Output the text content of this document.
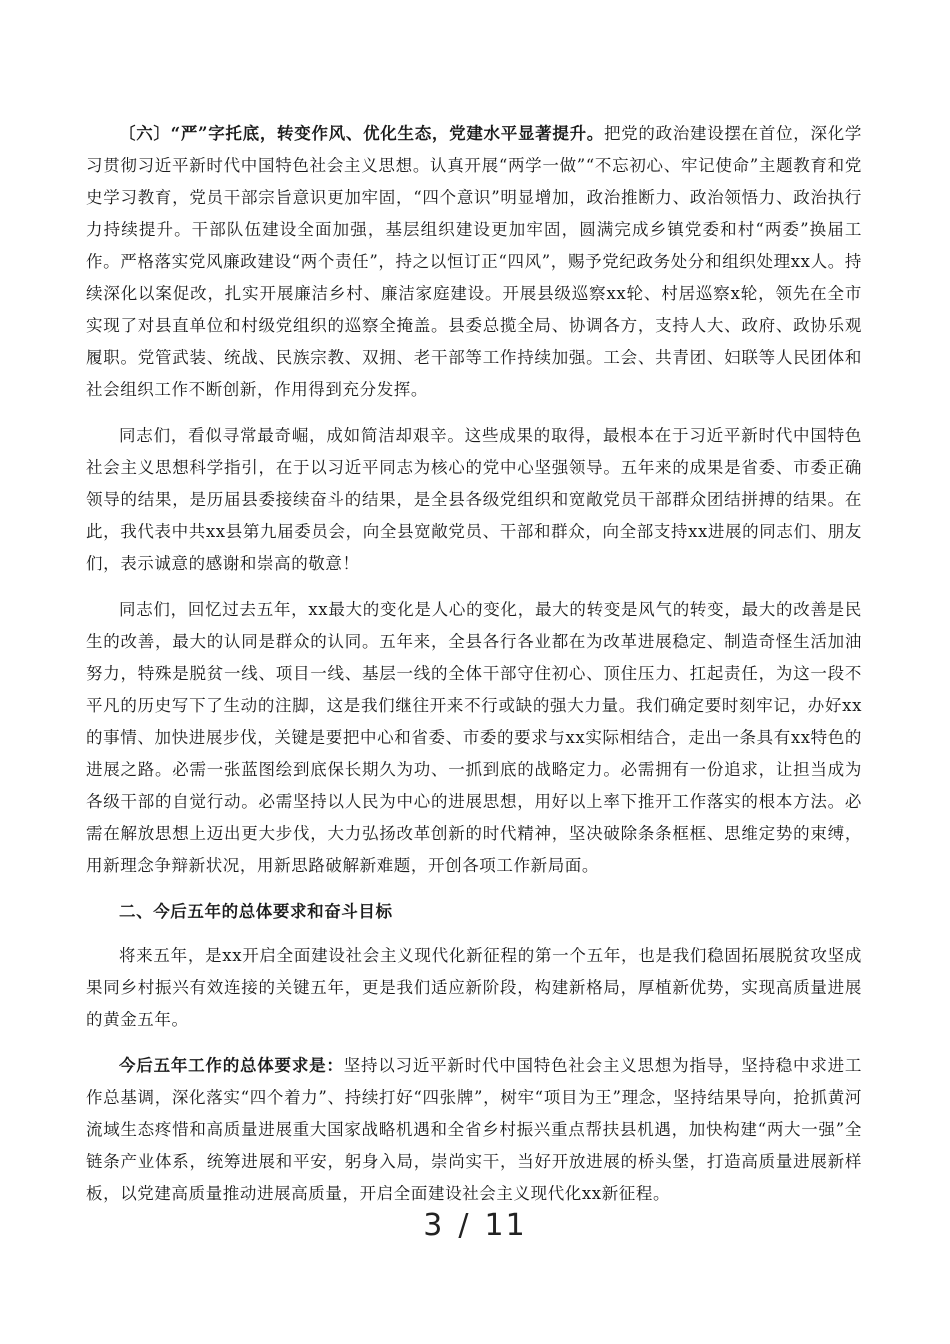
〔六〕“严”字托底，转变作风、优化生态，党建水平显著提升。把党的政治建设摆在首位，深化学习贯彻习近平新时代中国特色社会主义思想。认真开展“两学一做”“不忘初心、牢记使命”主题教育和党史学习教育，党员干部宗旨意识更加牢固，“四个意识”明显增加，政治推断力、政治领悟力、政治执行力持续提升。干部队伍建设全面加强，基层组织建设更加牢固，圆满完成乡镇党委和村“两委”换届工作。严格落实党风廉政建设“两个责任”，持之以恒订正“四风”，赐予党纪政务处分和组织处理xx人。持续深化以案促改，扎实开展廉洁乡村、廉洁家庭建设。开展县级巡察xx轮、村居巡察x轮，领先在全市实现了对县直单位和村级党组织的巡察全掩盖。县委总揽全局、协调各方，支持人大、政府、政协乐观履职。党管武装、统战、民族宗教、双拥、老干部等工作持续加强。工会、共青团、妇联等人民团体和社会组织工作不断创新，作用得到充分发挥。

同志们，看似寻常最奇崛，成如简洁却艰辛。这些成果的取得，最根本在于习近平新时代中国特色社会主义思想科学指引，在于以习近平同志为核心的党中心坚强领导。五年来的成果是省委、市委正确领导的结果，是历届县委接续奋斗的结果，是全县各级党组织和宽敞党员干部群众团结拼搏的结果。在此，我代表中共xx县第九届委员会，向全县宽敞党员、干部和群众，向全部支持xx进展的同志们、朋友们，表示诚意的感谢和崇高的敬意！

同志们，回忆过去五年，xx最大的变化是人心的变化，最大的转变是风气的转变，最大的改善是民生的改善，最大的认同是群众的认同。五年来，全县各行各业都在为改革进展稳定、制造奇怪生活加油努力，特殊是脱贫一线、项目一线、基层一线的全体干部守住初心、顶住压力、扛起责任，为这一段不平凡的历史写下了生动的注脚，这是我们继往开来不行或缺的强大力量。我们确定要时刻牢记，办好xx的事情、加快进展步伐，关键是要把中心和省委、市委的要求与xx实际相结合，走出一条具有xx特色的进展之路。必需一张蓝图绘到底保长期久为功、一抓到底的战略定力。必需拥有一份追求，让担当成为各级干部的自觉行动。必需坚持以人民为中心的进展思想，用好以上率下推开工作落实的根本方法。必需在解放思想上迈出更大步伐，大力弘扬改革创新的时代精神，坚决破除条条框框、思维定势的束缚，用新理念争辩新状况，用新思路破解新难题，开创各项工作新局面。

二、今后五年的总体要求和奋斗目标

将来五年，是xx开启全面建设社会主义现代化新征程的第一个五年，也是我们稳固拓展脱贫攻坚成果同乡村振兴有效连接的关键五年，更是我们适应新阶段，构建新格局，厚植新优势，实现高质量进展的黄金五年。

今后五年工作的总体要求是：坚持以习近平新时代中国特色社会主义思想为指导，坚持稳中求进工作总基调，深化落实“四个着力”、持续打好“四张牌”，树牢“项目为王”理念，坚持结果导向，抢抓黄河流域生态疼惜和高质量进展重大国家战略机遇和全省乡村振兴重点帮扶县机遇，加快构建“两大一强”全链条产业体系，统筹进展和平安，躬身入局，崇尚实干，当好开放进展的桥头堡，打造高质量进展新样板，以党建高质量推动进展高质量，开启全面建设社会主义现代化xx新征程。

3 / 11
